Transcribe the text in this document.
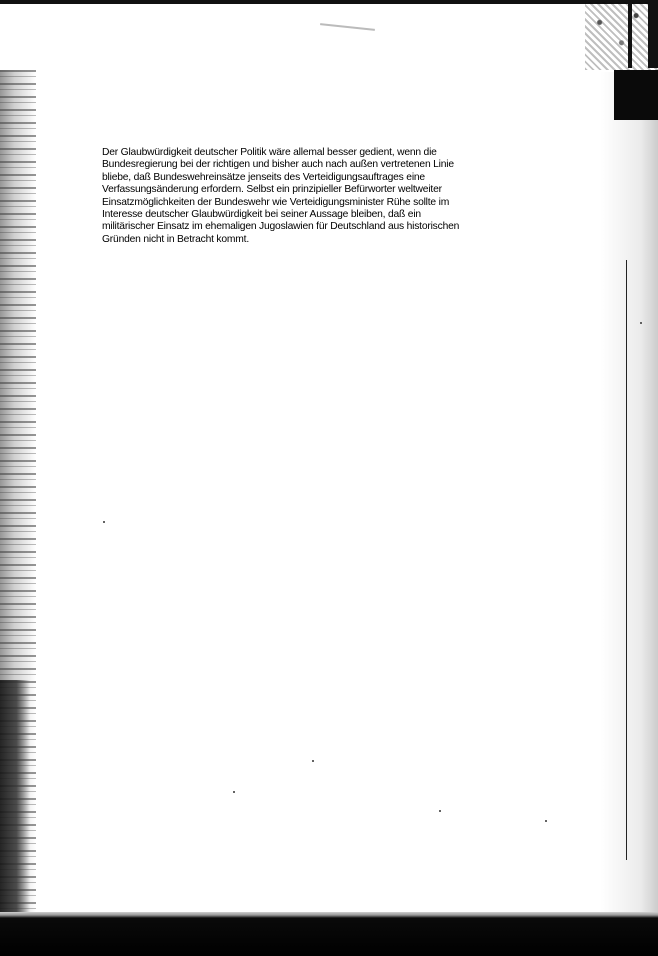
Der Glaubwürdigkeit deutscher Politik wäre allemal besser gedient, wenn die
Bundesregierung bei der richtigen und bisher auch nach außen vertretenen Linie
bliebe, daß Bundeswehreinsätze jenseits des Verteidigungsauftrages eine
Verfassungsänderung erfordern. Selbst ein prinzipieller Befürworter weltweiter
Einsatzmöglichkeiten der Bundeswehr wie Verteidigungsminister Rühe sollte im
Interesse deutscher Glaubwürdigkeit bei seiner Aussage bleiben, daß ein
militärischer Einsatz im ehemaligen Jugoslawien für Deutschland aus historischen
Gründen nicht in Betracht kommt.
